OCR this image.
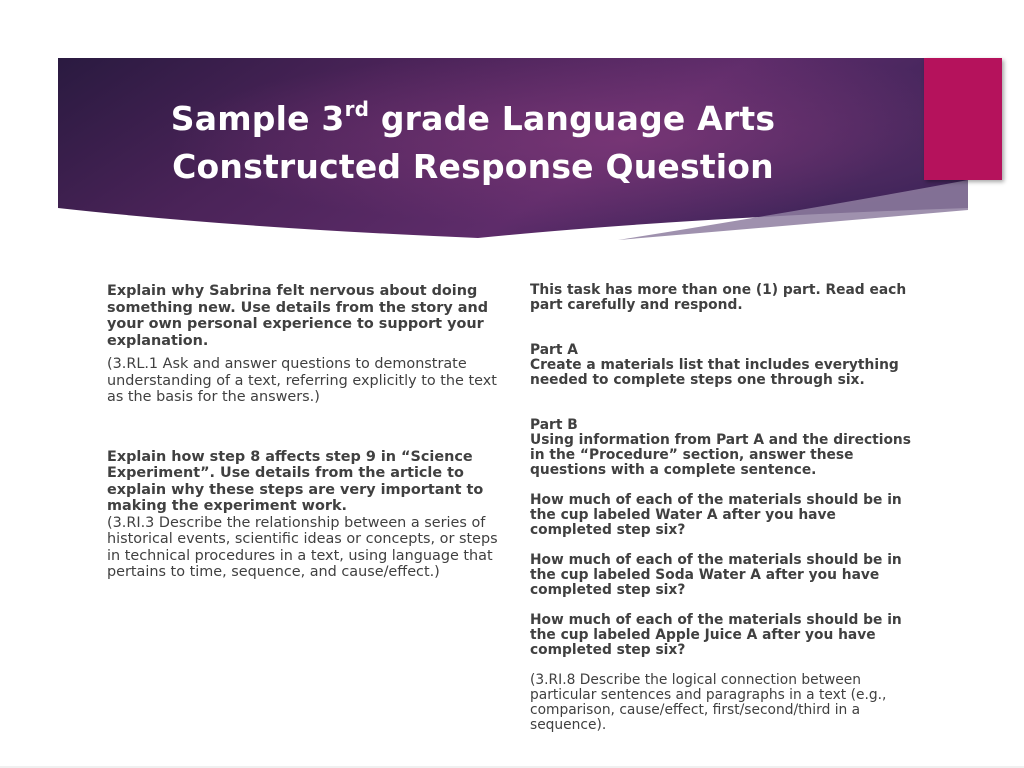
Sample 3rd grade Language Arts
Constructed Response Question

Explain why Sabrina felt nervous about doing something new. Use details from the story and your own personal experience to support your explanation.

(3.RL.1 Ask and answer questions to demonstrate understanding of a text, referring explicitly to the text as the basis for the answers.)

Explain how step 8 affects step 9 in “Science Experiment”. Use details from the article to explain why these steps are very important to making the experiment work.

(3.RI.3 Describe the relationship between a series of historical events, scientific ideas or concepts, or steps in technical procedures in a text, using language that pertains to time, sequence, and cause/effect.)

This task has more than one (1) part. Read each part carefully and respond.

Part A

Create a materials list that includes everything needed to complete steps one through six.

Part B

Using information from Part A and the directions in the “Procedure” section, answer these questions with a complete sentence.

How much of each of the materials should be in the cup labeled Water A after you have completed step six?

How much of each of the materials should be in the cup labeled Soda Water A after you have completed step six?

How much of each of the materials should be in the cup labeled Apple Juice A after you have completed step six?

(3.RI.8 Describe the logical connection between particular sentences and paragraphs in a text (e.g., comparison, cause/effect, first/second/third in a sequence).
